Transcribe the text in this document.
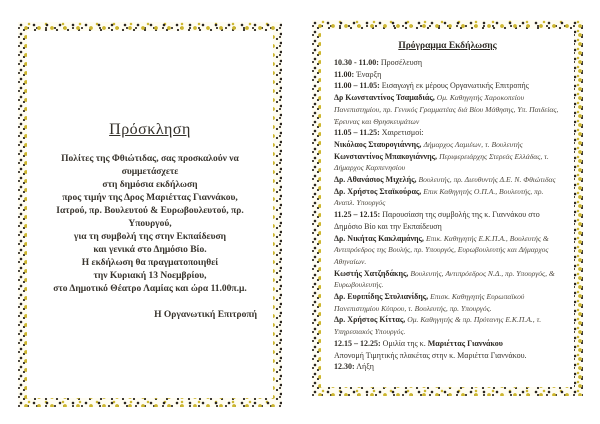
Πρόσκληση

Πολίτες της Φθιώτιδας, σας προσκαλούν να συμμετάσχετε

στη δημόσια εκδήλωση

προς τιμήν της Δρος Μαριέττας Γιαννάκου,

Ιατρού, πρ. Βουλευτού & Ευρωβουλευτού, πρ. Υπουργού,

για τη συμβολή της στην Εκπαίδευση

και γενικά στο Δημόσιο Βίο.

Η εκδήλωση θα πραγματοποιηθεί

την Κυριακή 13 Νοεμβρίου,

στο Δημοτικό Θέατρο Λαμίας και ώρα 11.00π.μ.

Η Οργανωτική Επιτροπή
Πρόγραμμα Εκδήλωσης

10.30 - 11.00: Προσέλευση

11.00: Έναρξη

11.00 – 11.05: Εισαγωγή εκ μέρους Οργανωτικής Επιτροπής

Δρ Κωνσταντίνος Τσαμαδιάς, Ομ. Καθηγητής Χαροκοπείου Πανεπιστημίου, πρ. Γενικός Γραμματέας διά Βίου Μάθησης, Υπ. Παιδείας, Έρευνας και Θρησκευμάτων

11.05 – 11.25: Χαιρετισμοί:

Νικόλαος Σταυρογιάννης, Δήμαρχος Λαμιέων, τ. Βουλευτής

Κωνσταντίνος Μπακογιάννης, Περιφερειάρχης Στερεάς Ελλάδας, τ. Δήμαρχος Καρπενησίου

Δρ. Αθανάσιος Μιχελής, Βουλευτής, πρ. Διευθυντής Δ.Ε. Ν. Φθιώτιδας

Δρ. Χρήστος Σταϊκούρας, Επικ Καθηγητής Ο.Π.Α., Βουλευτής, πρ. Αναπλ. Υπουργός

11.25 – 12.15: Παρουσίαση της συμβολής της κ. Γιαννάκου στο Δημόσιο Βίο και την Εκπαίδευση

Δρ. Νικήτας Κακλαμάνης, Επικ. Καθηγητής Ε.Κ.Π.Α., Βουλευτής & Αντιπρόεδρος της Βουλής, πρ. Υπουργός, Ευρωβουλευτής και Δήμαρχος Αθηναίων.

Κωστής Χατζηδάκης, Βουλευτής, Αντιπρόεδρος Ν.Δ., πρ. Υπουργός, & Ευρωβουλευτής.

Δρ. Ευριπίδης Στυλιανίδης, Επισκ. Καθηγητής Ευρωπαϊκού Πανεπιστημίου Κύπρου, τ. Βουλευτής, πρ. Υπουργός.

Δρ. Χρήστος Κίττας, Ομ. Καθηγητής & πρ. Πρύτανης Ε.Κ.Π.Α., τ. Υπηρεσιακός Υπουργός.

12.15 – 12.25: Ομιλία της κ. Μαριέττας Γιαννάκου

Απονομή Τιμητικής πλακέτας στην κ. Μαριέττα Γιαννάκου.

12.30: Λήξη
